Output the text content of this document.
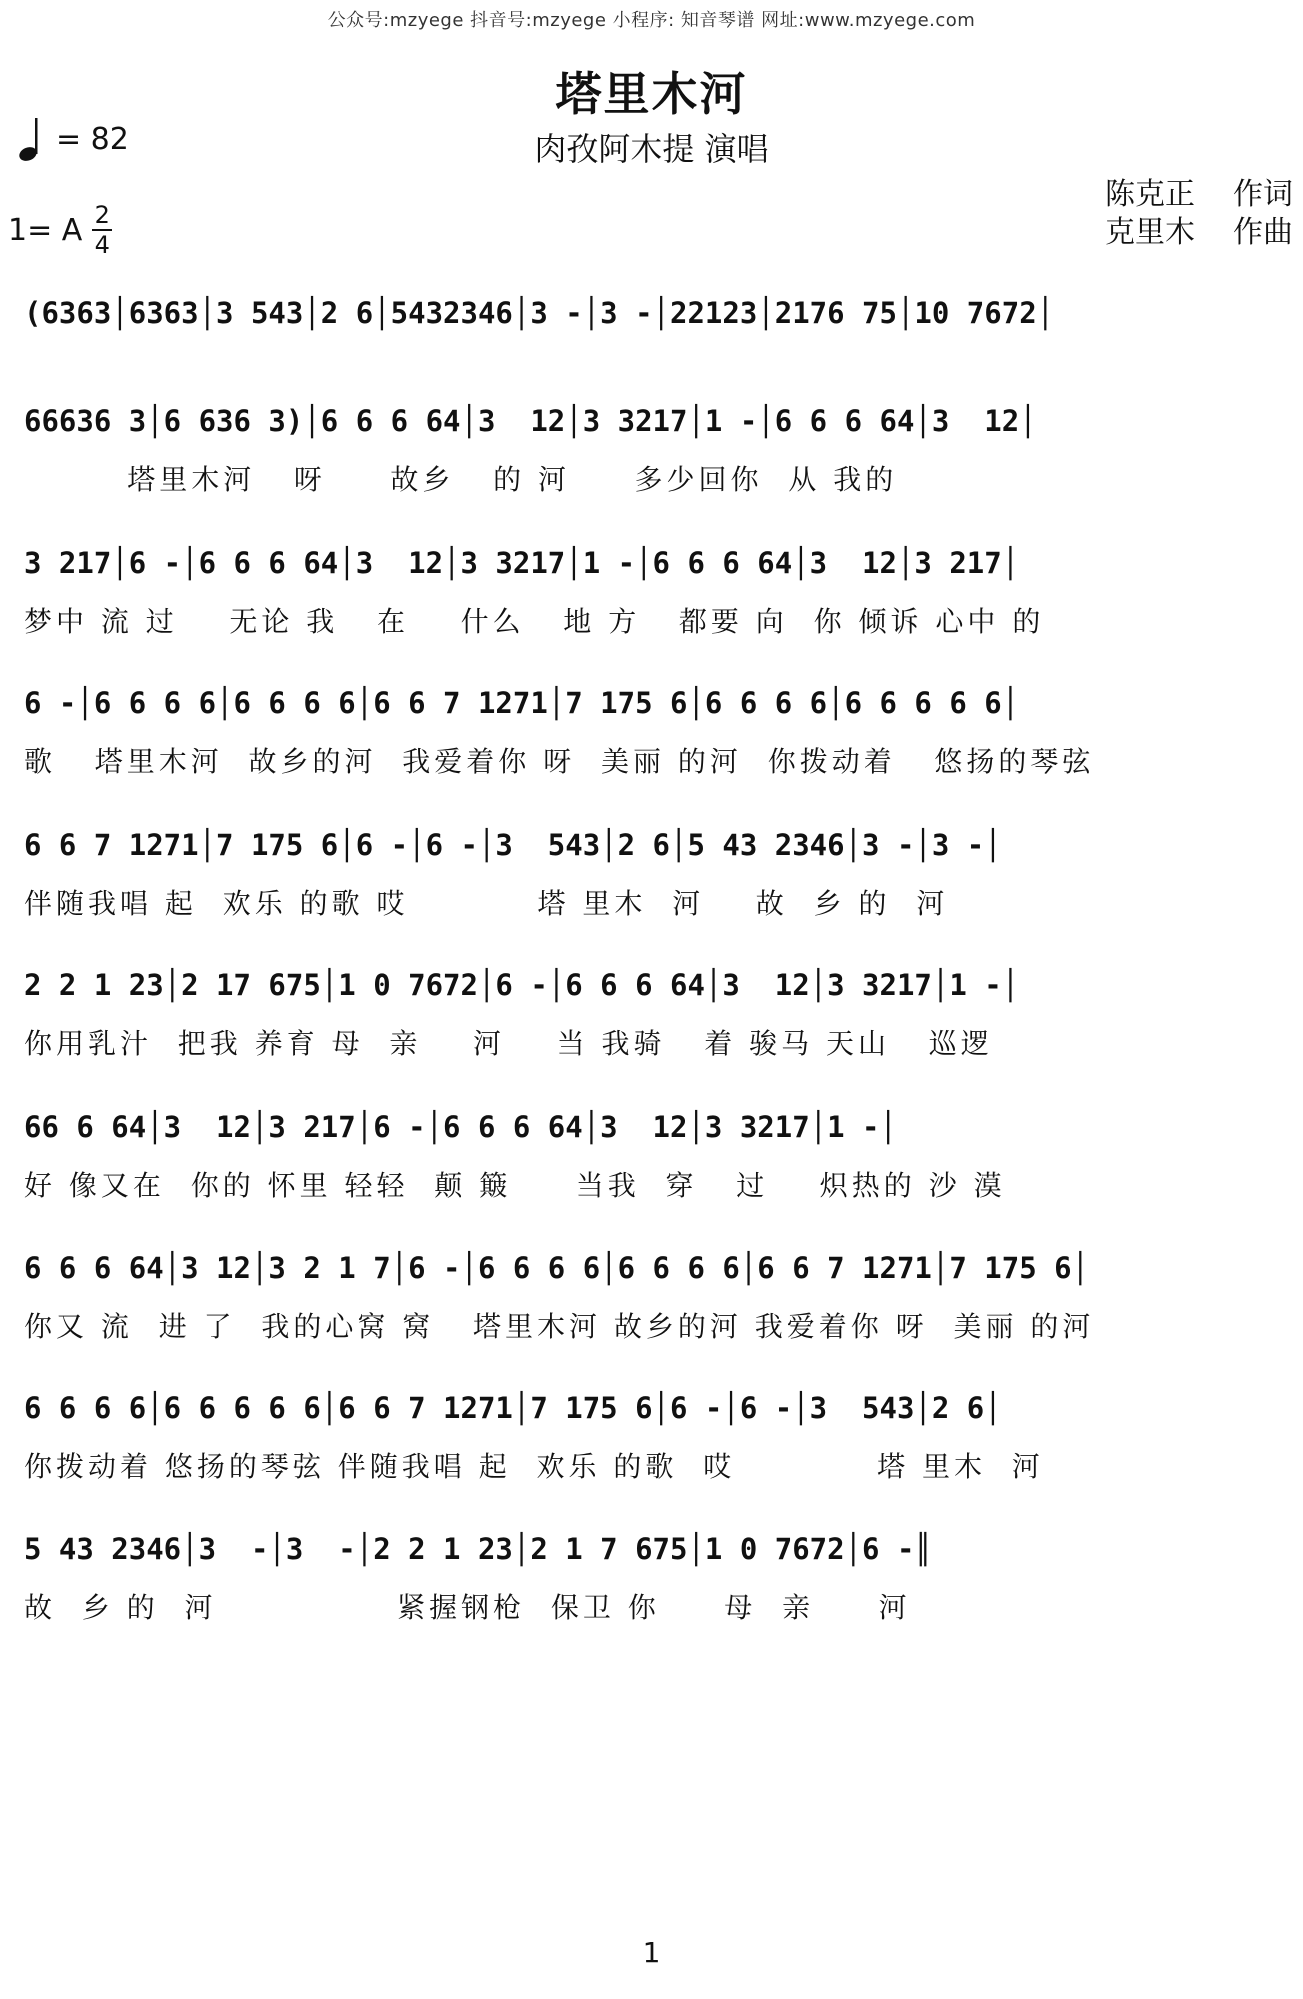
公众号:mzyege 抖音号:mzyege 小程序: 知音琴谱 网址:www.mzyege.com
塔里木河
肉孜阿木提 演唱
= 82
1= A $\frac{2}{4}$
陈克正 作词
克里木 作曲
(6363│6363│3 543│2 6│5432346│3 -│3 -│22123│2176 75│10 7672│
66636 3│6 636 3)│6 6 6 64│3  12│3 3217│1 -│6 6 6 64│3  12│
塔里木河   呀     故乡   的 河     多少回你  从 我的
3 217│6 -│6 6 6 64│3  12│3 3217│1 -│6 6 6 64│3  12│3 217│
梦中 流 过    无论 我   在    什么   地 方   都要 向  你 倾诉 心中 的
6 -│6 6 6 6│6 6 6 6│6 6 7 1271│7 175 6│6 6 6 6│6 6 6 6 6│
歌   塔里木河  故乡的河  我爱着你 呀  美丽 的河  你拨动着   悠扬的琴弦
6 6 7 1271│7 175 6│6 -│6 -│3  543│2 6│5 43 2346│3 -│3 -│
伴随我唱 起  欢乐 的歌 哎          塔 里木  河    故  乡 的  河
2 2 1 23│2 17 675│1 0 7672│6 -│6 6 6 64│3  12│3 3217│1 -│
你用乳汁  把我 养育 母  亲    河    当 我骑   着 骏马 天山   巡逻
66 6 64│3  12│3 217│6 -│6 6 6 64│3  12│3 3217│1 -│
好 像又在  你的 怀里 轻轻  颠 簸     当我  穿   过    炽热的 沙 漠
6 6 6 64│3 12│3 2 1 7│6 -│6 6 6 6│6 6 6 6│6 6 7 1271│7 175 6│
你又 流  进 了  我的心窝 窝   塔里木河 故乡的河 我爱着你 呀  美丽 的河
6 6 6 6│6 6 6 6 6│6 6 7 1271│7 175 6│6 -│6 -│3  543│2 6│
你拨动着 悠扬的琴弦 伴随我唱 起  欢乐 的歌  哎           塔 里木  河
5 43 2346│3  -│3  -│2 2 1 23│2 1 7 675│1 0 7672│6 -║
故  乡 的  河              紧握钢枪  保卫 你     母  亲     河
1
